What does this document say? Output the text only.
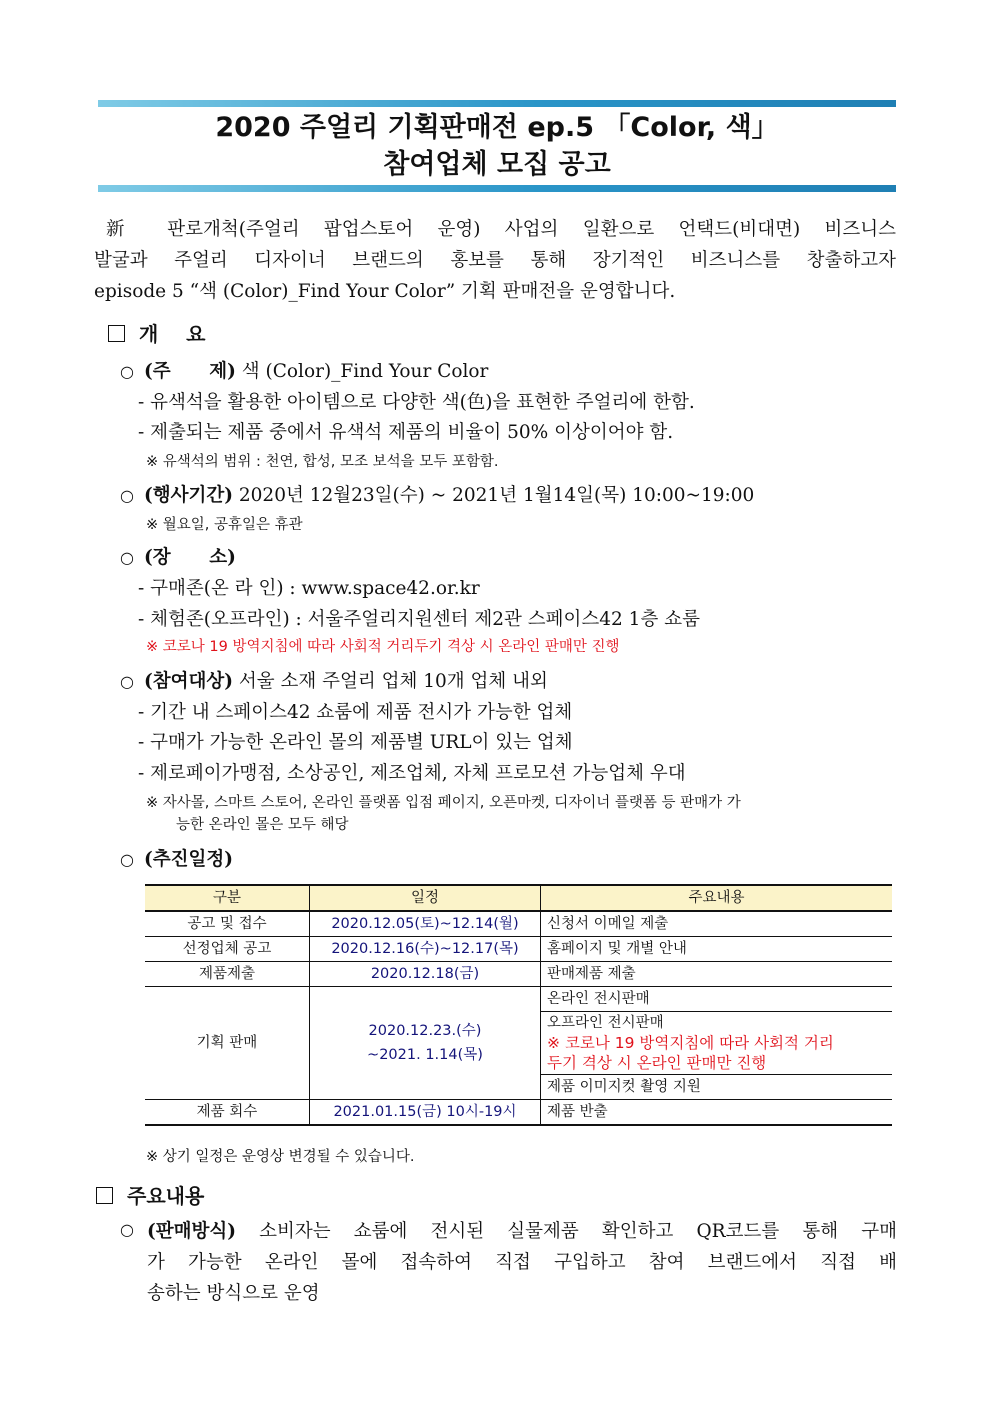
2020 주얼리 기획판매전 ep.5 「Color, 색」
참여업체 모집 공고
新 판로개척(주얼리 팝업스토어 운영) 사업의 일환으로 언택드(비대면) 비즈니스
발굴과 주얼리 디자이너 브랜드의 홍보를 통해 장기적인 비즈니스를 창출하고자
episode 5 “색 (Color)_Find Your Color” 기획 판매전을 운영합니다.
개    요
○ (주      제) 색 (Color)_Find Your Color
- 유색석을 활용한 아이템으로 다양한 색(色)을 표현한 주얼리에 한함.
- 제출되는 제품 중에서 유색석 제품의 비율이 50% 이상이어야 함.
※ 유색석의 범위 : 천연, 합성, 모조 보석을 모두 포함함.
○ (행사기간) 2020년 12월23일(수) ~ 2021년 1월14일(목) 10:00~19:00
※ 월요일, 공휴일은 휴관
○ (장      소)
- 구매존(온 라 인) : www.space42.or.kr
- 체험존(오프라인) : 서울주얼리지원센터 제2관 스페이스42 1층 쇼룸
※ 코로나 19 방역지침에 따라 사회적 거리두기 격상 시 온라인 판매만 진행
○ (참여대상) 서울 소재 주얼리 업체 10개 업체 내외
- 기간 내 스페이스42 쇼룸에 제품 전시가 가능한 업체
- 구매가 가능한 온라인 몰의 제품별 URL이 있는 업체
- 제로페이가맹점, 소상공인, 제조업체, 자체 프로모션 가능업체 우대
※ 자사몰, 스마트 스토어, 온라인 플랫폼 입점 페이지, 오픈마켓, 디자이너 플랫폼 등 판매가 가
능한 온라인 몰은 모두 해당
○ (추진일정)
구분	일정	주요내용
공고 및 접수	2020.12.05(토)~12.14(월)	신청서 이메일 제출
선정업체 공고	2020.12.16(수)~12.17(목)	홈페이지 및 개별 안내
제품제출	2020.12.18(금)	판매제품 제출
기획 판매	2020.12.23.(수)
~2021. 1.14(목)	온라인 전시판매

		오프라인 전시판매
※ 코로나 19 방역지침에 따라 사회적 거리
두기 격상 시 온라인 판매만 진행

		제품 이미지컷 촬영 지원
제품 회수	2021.01.15(금) 10시-19시	제품 반출
※ 상기 일정은 운영상 변경될 수 있습니다.
주요내용
○ (판매방식) 소비자는 쇼룸에 전시된 실물제품 확인하고 QR코드를 통해 구매
가 가능한 온라인 몰에 접속하여 직접 구입하고 참여 브랜드에서 직접 배
송하는 방식으로 운영
